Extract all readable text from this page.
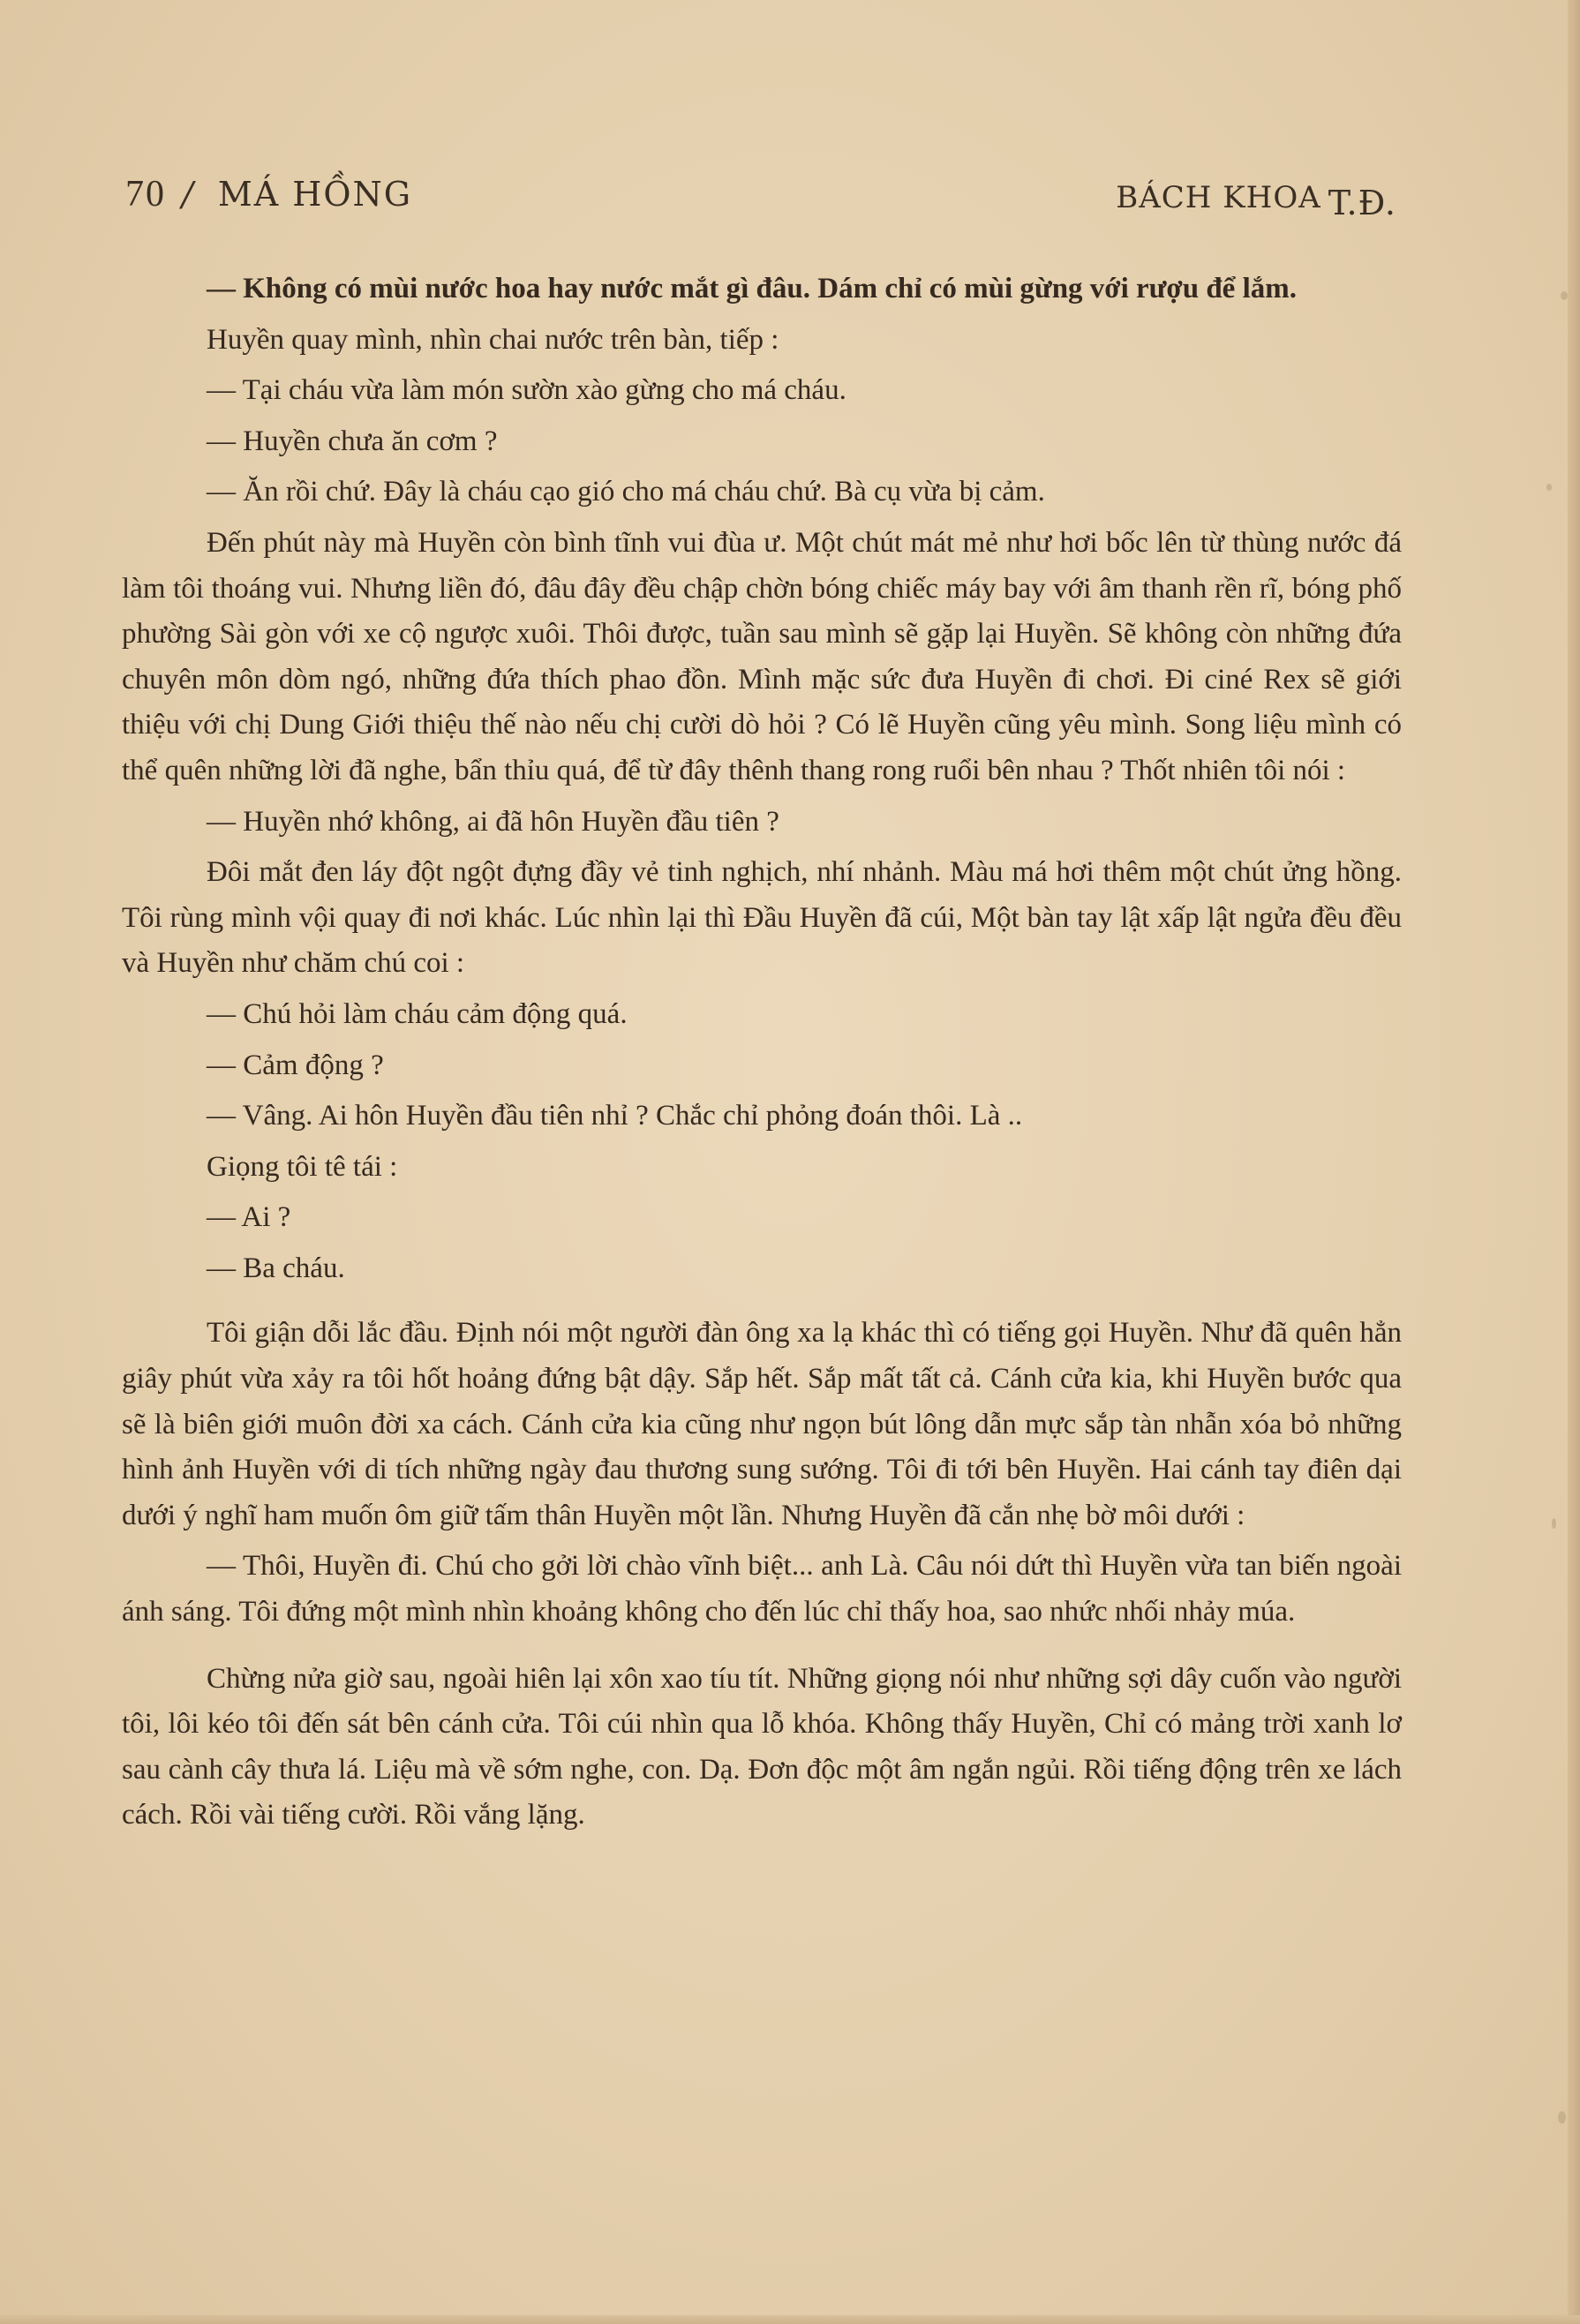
70 / MÁ HỒNG	BÁCH KHOA T.Đ.

— Không có mùi nước hoa hay nước mắt gì đâu. Dám chỉ có mùi gừng với rượu để lắm.

Huyền quay mình, nhìn chai nước trên bàn, tiếp :

— Tại cháu vừa làm món sườn xào gừng cho má cháu.

— Huyền chưa ăn cơm ?

— Ăn rồi chứ. Đây là cháu cạo gió cho má cháu chứ. Bà cụ vừa bị cảm.

Đến phút này mà Huyền còn bình tĩnh vui đùa ư. Một chút mát mẻ như hơi bốc lên từ thùng nước đá làm tôi thoáng vui. Nhưng liền đó, đâu đây đều chập chờn bóng chiếc máy bay với âm thanh rền rĩ, bóng phố phường Sài gòn với xe cộ ngược xuôi. Thôi được, tuần sau mình sẽ gặp lại Huyền. Sẽ không còn những đứa chuyên môn dòm ngó, những đứa thích phao đồn. Mình mặc sức đưa Huyền đi chơi. Đi ciné Rex sẽ giới thiệu với chị Dung Giới thiệu thế nào nếu chị cười dò hỏi ? Có lẽ Huyền cũng yêu mình. Song liệu mình có thể quên những lời đã nghe, bẩn thỉu quá, để từ đây thênh thang rong ruổi bên nhau ? Thốt nhiên tôi nói :

— Huyền nhớ không, ai đã hôn Huyền đầu tiên ?

Đôi mắt đen láy đột ngột đựng đầy vẻ tinh nghịch, nhí nhảnh. Màu má hơi thêm một chút ửng hồng. Tôi rùng mình vội quay đi nơi khác. Lúc nhìn lại thì Đầu Huyền đã cúi, Một bàn tay lật xấp lật ngửa đều đều và Huyền như chăm chú coi :

— Chú hỏi làm cháu cảm động quá.

— Cảm động ?

— Vâng. Ai hôn Huyền đầu tiên nhỉ ? Chắc chỉ phỏng đoán thôi. Là ..

Giọng tôi tê tái :

— Ai ?

— Ba cháu.

Tôi giận dỗi lắc đầu. Định nói một người đàn ông xa lạ khác thì có tiếng gọi Huyền. Như đã quên hẳn giây phút vừa xảy ra tôi hốt hoảng đứng bật dậy. Sắp hết. Sắp mất tất cả. Cánh cửa kia, khi Huyền bước qua sẽ là biên giới muôn đời xa cách. Cánh cửa kia cũng như ngọn bút lông dẫn mực sắp tàn nhẫn xóa bỏ những hình ảnh Huyền với di tích những ngày đau thương sung sướng. Tôi đi tới bên Huyền. Hai cánh tay điên dại dưới ý nghĩ ham muốn ôm giữ tấm thân Huyền một lần. Nhưng Huyền đã cắn nhẹ bờ môi dưới :

— Thôi, Huyền đi. Chú cho gởi lời chào vĩnh biệt... anh Là. Câu nói dứt thì Huyền vừa tan biến ngoài ánh sáng. Tôi đứng một mình nhìn khoảng không cho đến lúc chỉ thấy hoa, sao nhức nhối nhảy múa.

Chừng nửa giờ sau, ngoài hiên lại xôn xao tíu tít. Những giọng nói như những sợi dây cuốn vào người tôi, lôi kéo tôi đến sát bên cánh cửa. Tôi cúi nhìn qua lỗ khóa. Không thấy Huyền, Chỉ có mảng trời xanh lơ sau cành cây thưa lá. Liệu mà về sớm nghe, con. Dạ. Đơn độc một âm ngắn ngủi. Rồi tiếng động trên xe lách cách. Rồi vài tiếng cười. Rồi vắng lặng.
